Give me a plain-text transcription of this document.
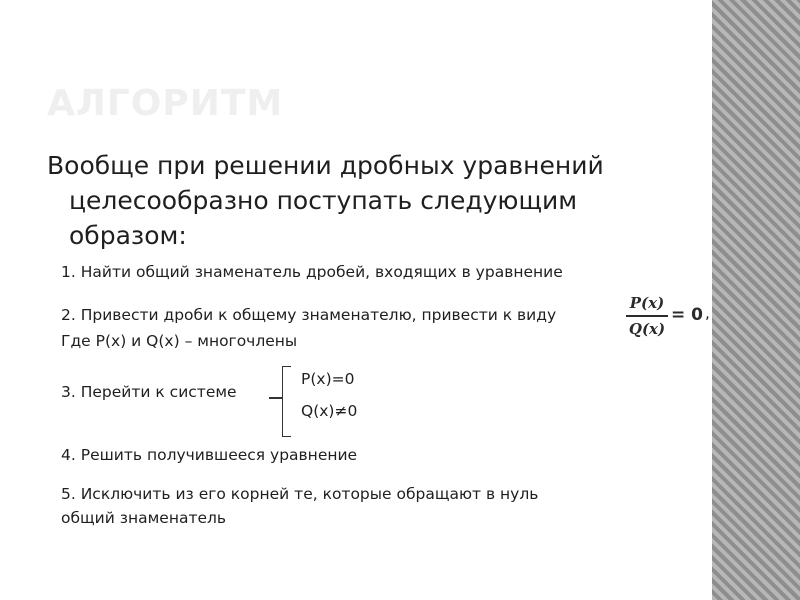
АЛГОРИТМ
Вообще при решении дробных уравнений
целесообразно поступать следующим
образом:
1. Найти общий знаменатель дробей, входящих в уравнение
2. Привести дроби к общему знаменателю, привести к виду
P(x)
Q(x)
= 0 ,
Где P(x) и Q(x) – многочлены
3. Перейти к системе
P(x)=0
Q(x)≠0
4. Решить получившееся уравнение
5. Исключить из его корней те, которые обращают в нуль
общий знаменатель
